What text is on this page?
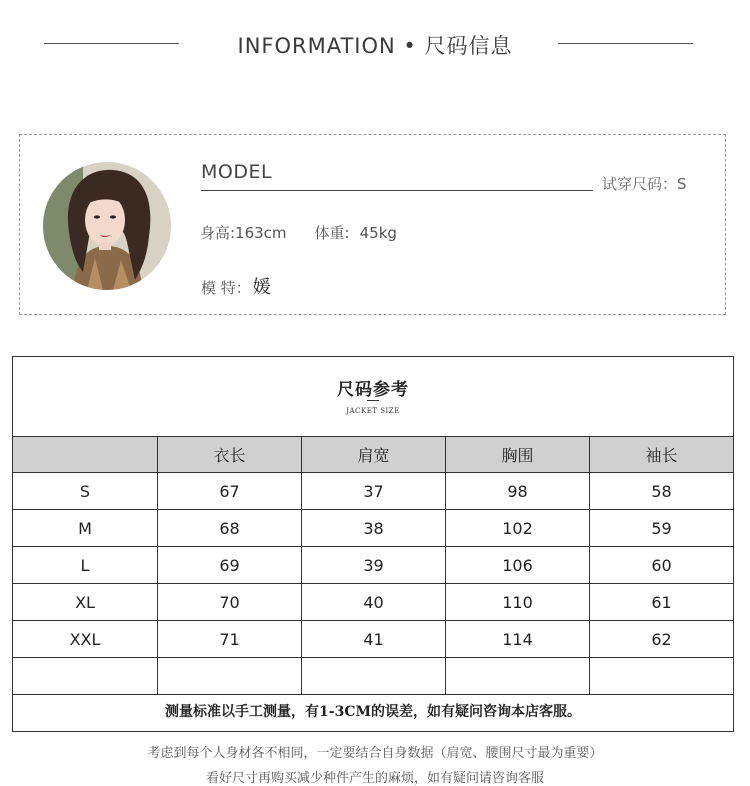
INFORMATION • 尺码信息
MODEL
试穿尺码：S
身高:163cm 体重: 45kg
模 特： 媛
尺码参考
JACKET SIZE
	衣长	肩宽	胸围	袖长
S	67	37	98	58
M	68	38	102	59
L	69	39	106	60
XL	70	40	110	61
XXL	71	41	114	62

测量标准以手工测量，有1-3CM的误差，如有疑问咨询本店客服。
考虑到每个人身材各不相同，一定要结合自身数据（肩宽、腰围尺寸最为重要）
看好尺寸再购买减少种件产生的麻烦，如有疑问请咨询客服
